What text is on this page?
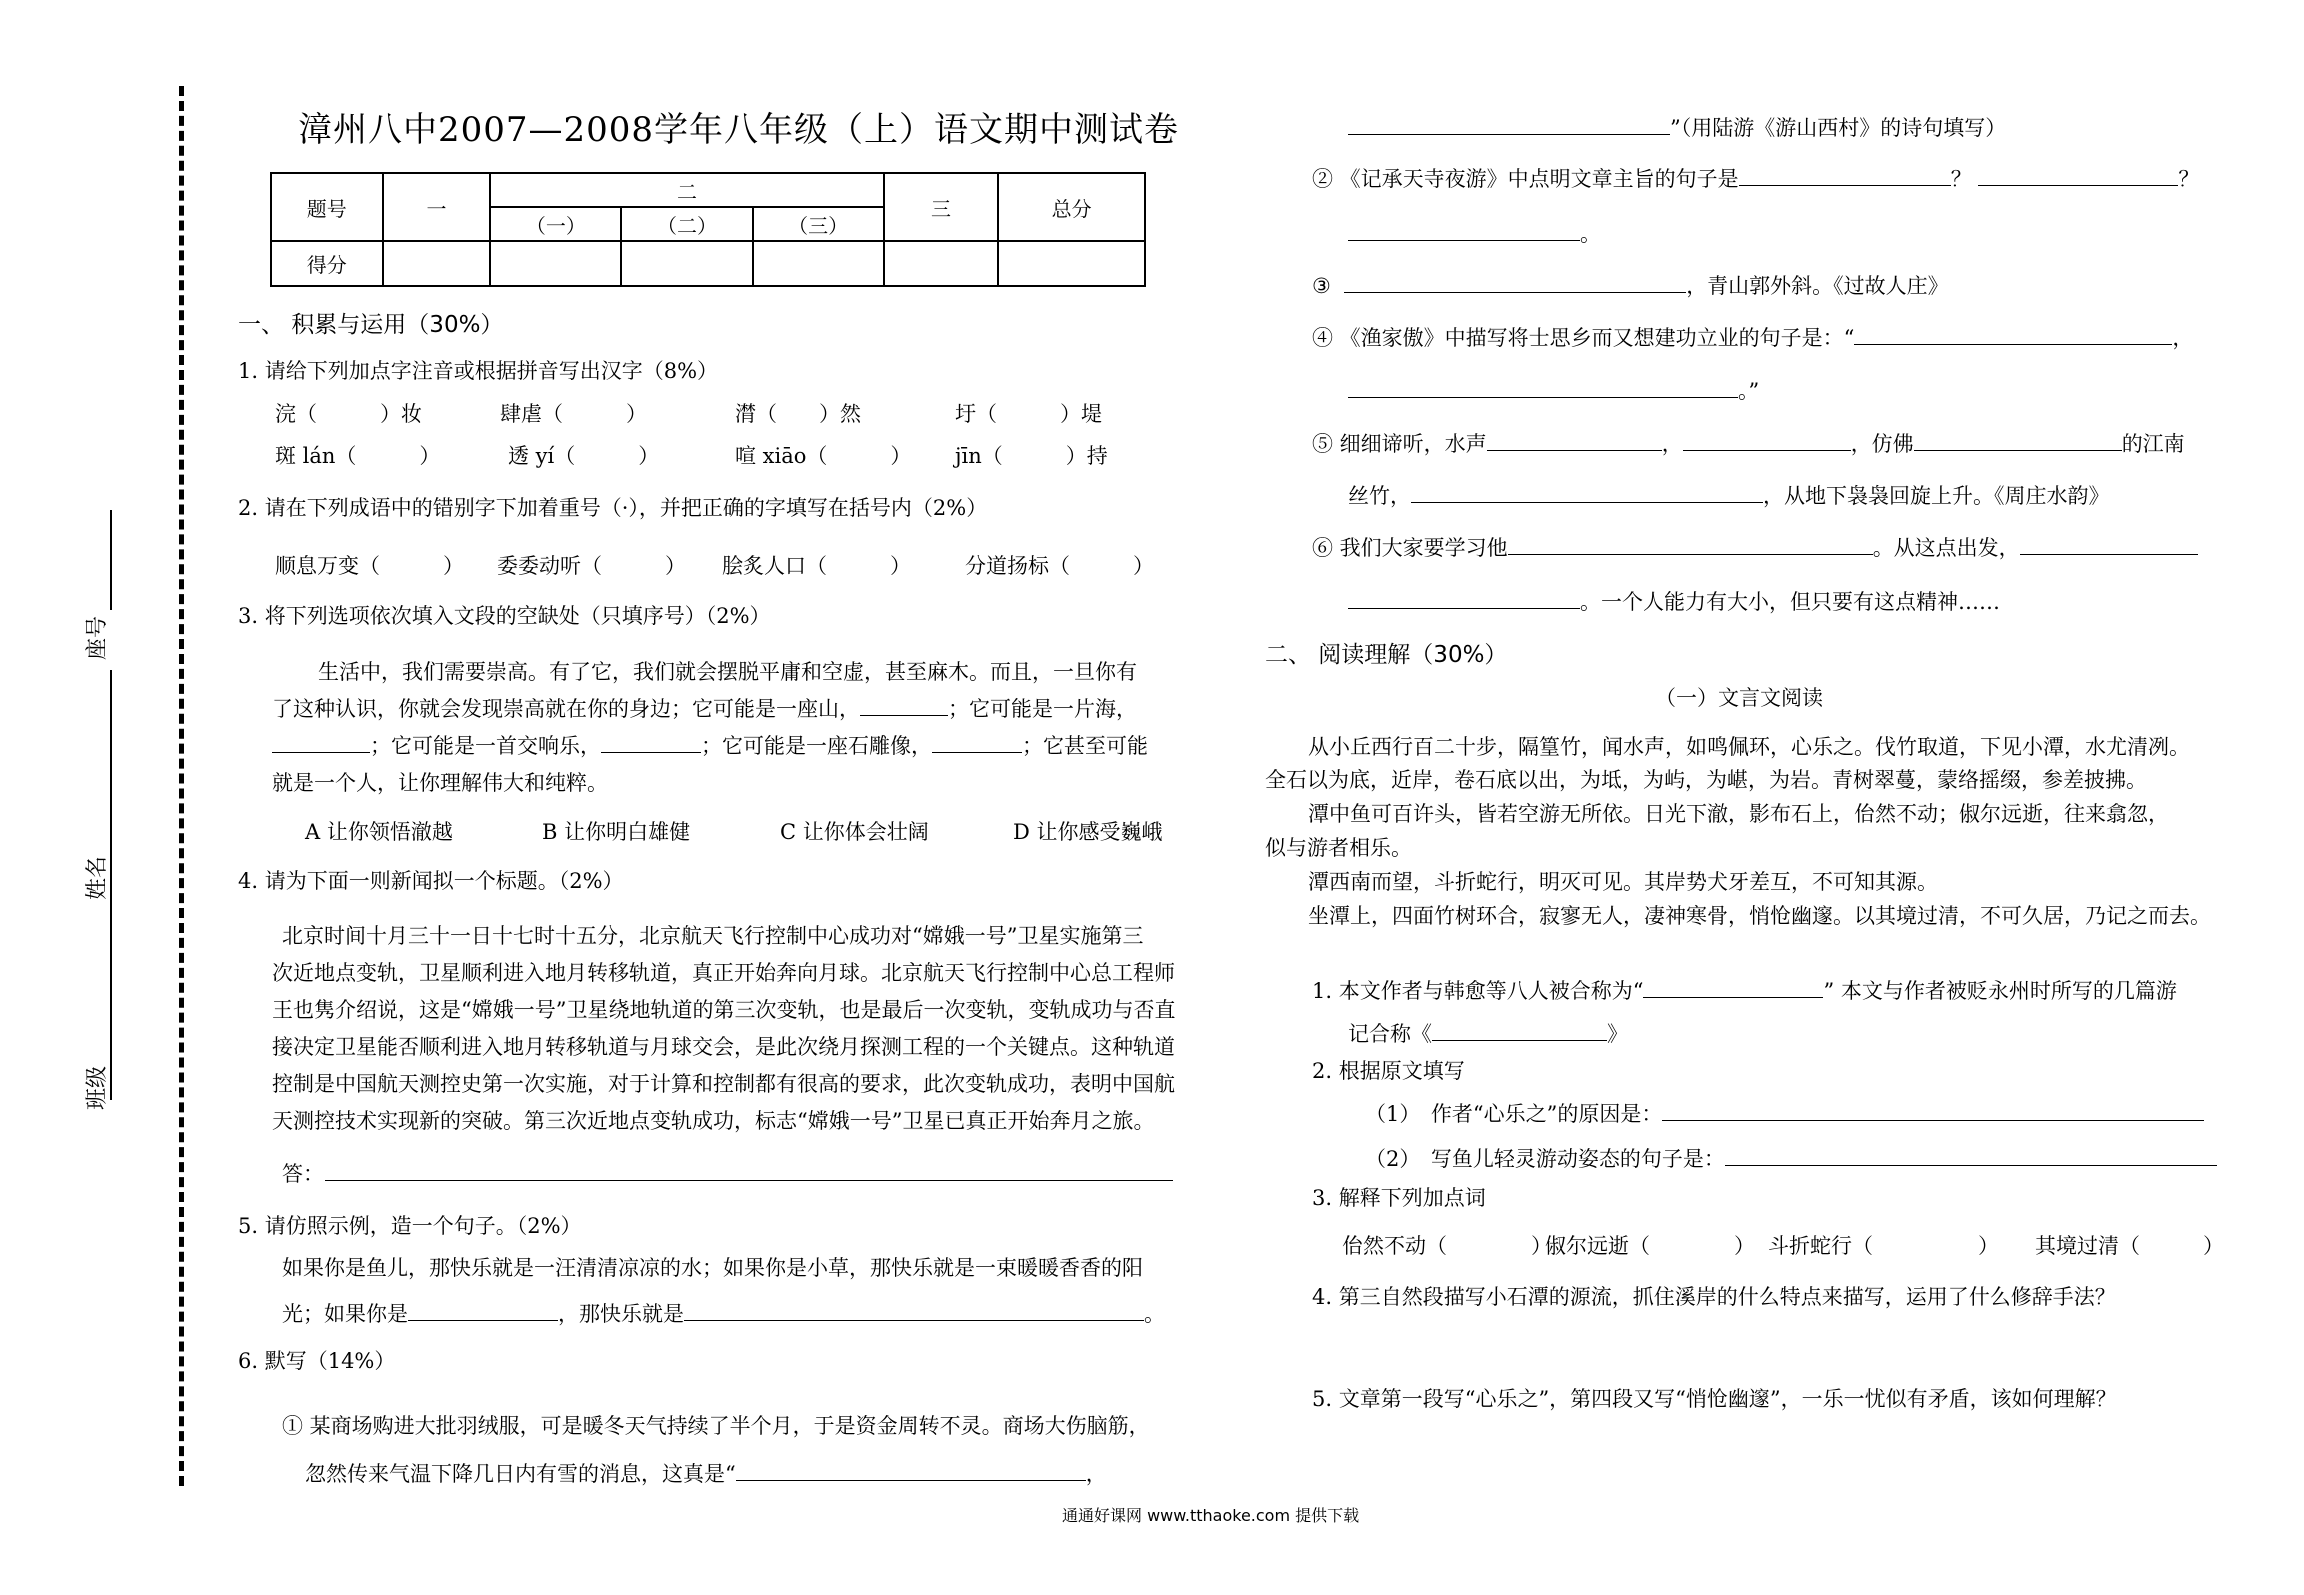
班级
姓名
座号
漳州八中2007—2008学年八年级（上）语文期中测试卷
题号	一	二			三	总分
		（一）	（二）	（三）		
得分						
一、 积累与运用（30%）
1. 请给下列加点字注音或根据拼音写出汉字（8%）
浣（　　　）妆	肆虐（　　　）	潸（　　）然	圩（　　　）堤
斑 lán（　　　）	透 yí（　　　）	喧 xiāo（　　　） jīn（　　　）持
2. 请在下列成语中的错别字下加着重号（·），并把正确的字填写在括号内（2%）
顺息万变（　　　） 委委动听（　　　） 脍炙人口（　　　）	分道扬标（　　　）
3. 将下列选项依次填入文段的空缺处（只填序号）（2%）
生活中，我们需要崇高。有了它，我们就会摆脱平庸和空虚，甚至麻木。而且，一旦你有
了这种认识，你就会发现崇高就在你的身边；它可能是一座山，	；它可能是一片海，
；它可能是一首交响乐，	；它可能是一座石雕像，	；它甚至可能
就是一个人，让你理解伟大和纯粹。
A 让你领悟澈越	B 让你明白雄健	C 让你体会壮阔	D 让你感受巍峨
4. 请为下面一则新闻拟一个标题。（2%）
北京时间十月三十一日十七时十五分，北京航天飞行控制中心成功对“嫦娥一号”卫星实施第三
次近地点变轨，卫星顺利进入地月转移轨道，真正开始奔向月球。北京航天飞行控制中心总工程师
王也隽介绍说，这是“嫦娥一号”卫星绕地轨道的第三次变轨，也是最后一次变轨，变轨成功与否直
接决定卫星能否顺利进入地月转移轨道与月球交会，是此次绕月探测工程的一个关键点。这种轨道
控制是中国航天测控史第一次实施，对于计算和控制都有很高的要求，此次变轨成功，表明中国航
天测控技术实现新的突破。第三次近地点变轨成功，标志“嫦娥一号”卫星已真正开始奔月之旅。
答：
5. 请仿照示例，造一个句子。（2%）
如果你是鱼儿，那快乐就是一汪清清凉凉的水；如果你是小草，那快乐就是一束暖暖香香的阳
光；如果你是	，那快乐就是	。
6. 默写（14%）
① 某商场购进大批羽绒服，可是暖冬天气持续了半个月，于是资金周转不灵。商场大伤脑筋，
忽然传来气温下降几日内有雪的消息，这真是“	，
”（用陆游《游山西村》的诗句填写）
② 《记承天寺夜游》中点明文章主旨的句子是	？	？
。
③	，青山郭外斜。《过故人庄》
④ 《渔家傲》中描写将士思乡而又想建功立业的句子是：“	，
。”
⑤ 细细谛听，水声	，	，仿佛	的江南
丝竹，	，从地下袅袅回旋上升。《周庄水韵》
⑥ 我们大家要学习他	。从这点出发，
。一个人能力有大小，但只要有这点精神……
二、 阅读理解（30%）
（一）文言文阅读
从小丘西行百二十步，隔篁竹，闻水声，如鸣佩环，心乐之。伐竹取道，下见小潭，水尤清冽。
全石以为底，近岸，卷石底以出，为坻，为屿，为嵁，为岩。青树翠蔓，蒙络摇缀，参差披拂。
潭中鱼可百许头，皆若空游无所依。日光下澈，影布石上，佁然不动；俶尔远逝，往来翕忽，
似与游者相乐。
潭西南而望，斗折蛇行，明灭可见。其岸势犬牙差互，不可知其源。
坐潭上，四面竹树环合，寂寥无人，凄神寒骨，悄怆幽邃。以其境过清，不可久居，乃记之而去。
1. 本文作者与韩愈等八人被合称为“	” 本文与作者被贬永州时所写的几篇游
记合称《	》
2. 根据原文填写
（1）　作者“心乐之”的原因是：
（2）　写鱼儿轻灵游动姿态的句子是：
3. 解释下列加点词
佁然不动（　　　　）
俶尔远逝（　　　　） 斗折蛇行（　　　　　） 其境过清（　　　）
4. 第三自然段描写小石潭的源流，抓住溪岸的什么特点来描写，运用了什么修辞手法？
5. 文章第一段写“心乐之”，第四段又写“悄怆幽邃”，一乐一忧似有矛盾，该如何理解？
通通好课网 www.tthaoke.com 提供下载
